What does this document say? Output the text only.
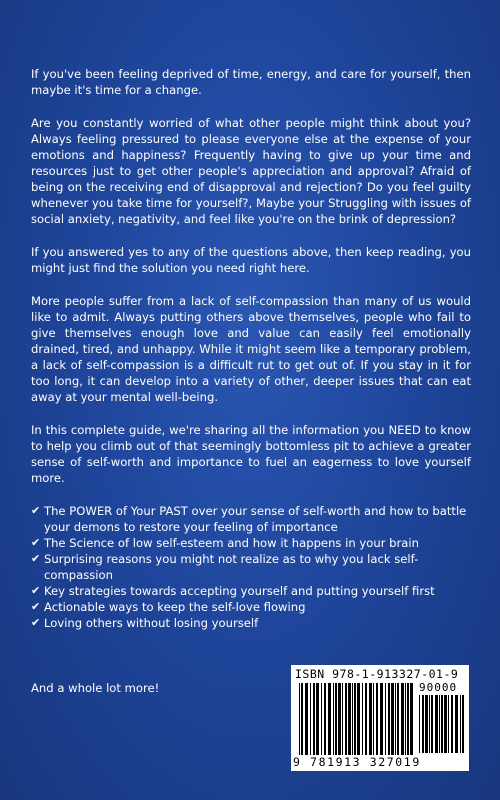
If you've been feeling deprived of time, energy, and care for yourself, then maybe it's time for a change.

Are you constantly worried of what other people might think about you? Always feeling pressured to please everyone else at the expense of your emotions and happiness? Frequently having to give up your time and resources just to get other people's appreciation and approval? Afraid of being on the receiving end of disapproval and rejection? Do you feel guilty whenever you take time for yourself?, Maybe your Struggling with issues of social anxiety, negativity, and feel like you're on the brink of depression?

If you answered yes to any of the questions above, then keep reading, you might just find the solution you need right here.

More people suffer from a lack of self-compassion than many of us would like to admit. Always putting others above themselves, people who fail to give themselves enough love and value can easily feel emotionally drained, tired, and unhappy. While it might seem like a temporary problem, a lack of self-compassion is a difficult rut to get out of. If you stay in it for too long, it can develop into a variety of other, deeper issues that can eat away at your mental well-being.

In this complete guide, we're sharing all the information you NEED to know to help you climb out of that seemingly bottomless pit to achieve a greater sense of self-worth and importance to fuel an eagerness to love yourself more.

✔ The POWER of Your PAST over your sense of self-worth and how to battle your demons to restore your feeling of importance
✔ The Science of low self-esteem and how it happens in your brain
✔ Surprising reasons you might not realize as to why you lack self-compassion
✔ Key strategies towards accepting yourself and putting yourself first
✔ Actionable ways to keep the self-love flowing
✔ Loving others without losing yourself
And a whole lot more!
ISBN 978-1-913327-01-9
90000
9 781913 327019
